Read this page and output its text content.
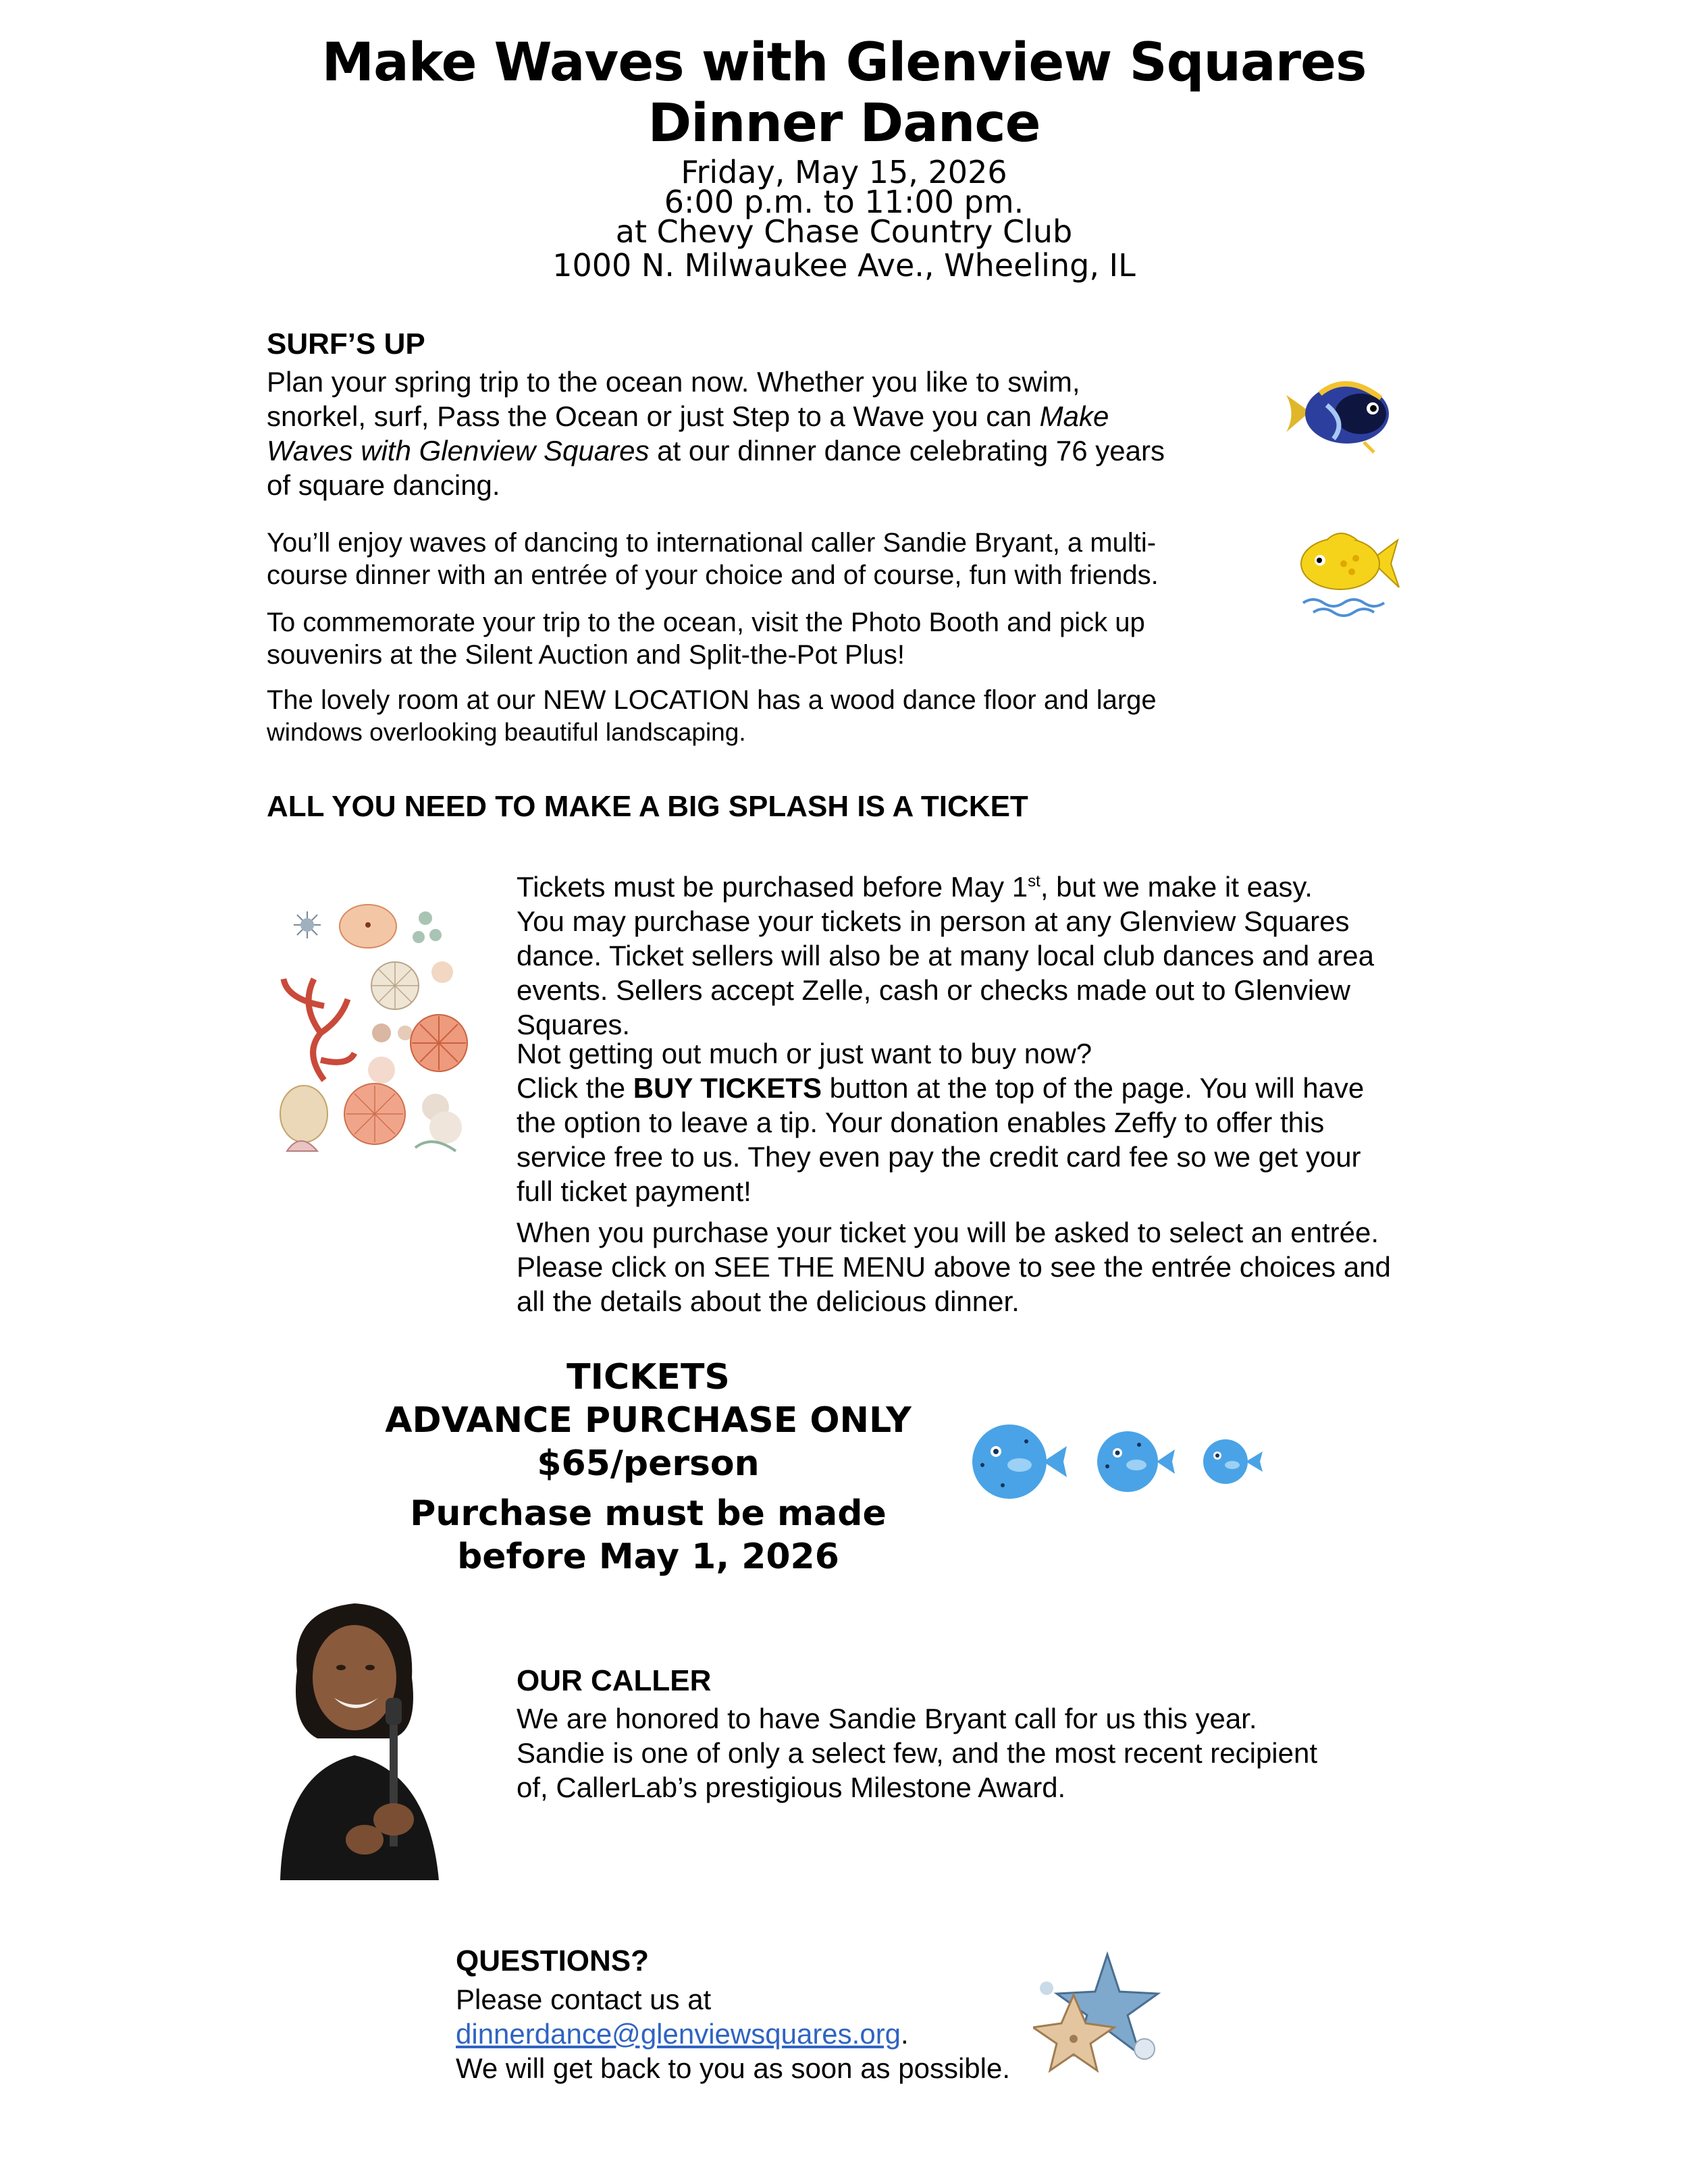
Make Waves with Glenview Squares
Dinner Dance
Friday, May 15, 2026
6:00 p.m. to 11:00 pm.
at Chevy Chase Country Club
1000 N. Milwaukee Ave., Wheeling, IL
SURF’S UP
Plan your spring trip to the ocean now. Whether you like to swim,
snorkel, surf, Pass the Ocean or just Step to a Wave you can Make
Waves with Glenview Squares at our dinner dance celebrating 76 years
of square dancing.
You’ll enjoy waves of dancing to international caller Sandie Bryant, a multi-
course dinner with an entrée of your choice and of course, fun with friends.
To commemorate your trip to the ocean, visit the Photo Booth and pick up
souvenirs at the Silent Auction and Split-the-Pot Plus!
The lovely room at our NEW LOCATION has a wood dance floor and large
windows overlooking beautiful landscaping.
ALL YOU NEED TO MAKE A BIG SPLASH IS A TICKET
Tickets must be purchased before May 1st, but we make it easy.
You may purchase your tickets in person at any Glenview Squares
dance. Ticket sellers will also be at many local club dances and area
events. Sellers accept Zelle, cash or checks made out to Glenview
Squares.
Not getting out much or just want to buy now?
Click the BUY TICKETS button at the top of the page. You will have
the option to leave a tip. Your donation enables Zeffy to offer this
service free to us. They even pay the credit card fee so we get your
full ticket payment!
When you purchase your ticket you will be asked to select an entrée.
Please click on SEE THE MENU above to see the entrée choices and
all the details about the delicious dinner.
TICKETS
ADVANCE PURCHASE ONLY
$65/person
Purchase must be made
before May 1, 2026
OUR CALLER
We are honored to have Sandie Bryant call for us this year.
Sandie is one of only a select few, and the most recent recipient
of, CallerLab’s prestigious Milestone Award.
QUESTIONS?
Please contact us at
dinnerdance@glenviewsquares.org.
We will get back to you as soon as possible.
